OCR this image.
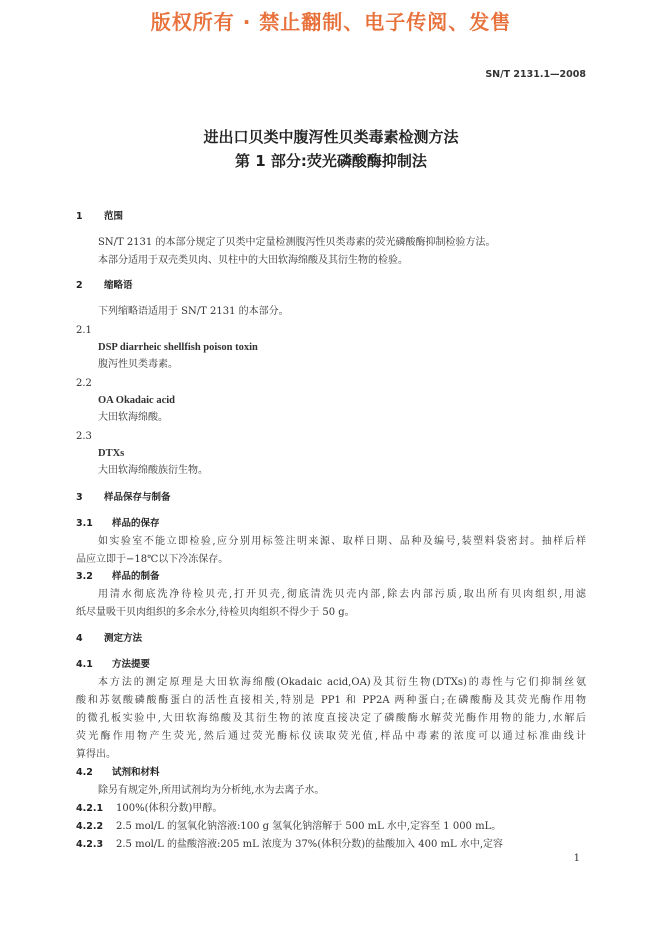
版权所有 · 禁止翻制、电子传阅、发售
SN/T 2131.1—2008
进出口贝类中腹泻性贝类毒素检测方法
第 1 部分:荧光磷酸酶抑制法
1 范围
SN/T 2131 的本部分规定了贝类中定量检测腹泻性贝类毒素的荧光磷酸酶抑制检验方法。
本部分适用于双壳类贝肉、贝柱中的大田软海绵酸及其衍生物的检验。
2 缩略语
下列缩略语适用于 SN/T 2131 的本部分。
2.1
DSP diarrheic shellfish poison toxin
腹泻性贝类毒素。
2.2
OA Okadaic acid
大田软海绵酸。
2.3
DTXs
大田软海绵酸族衍生物。
3 样品保存与制备
3.1 样品的保存
如实验室不能立即检验,应分别用标签注明来源、取样日期、品种及编号,装塑料袋密封。抽样后样
品应立即于−18℃以下冷冻保存。
3.2 样品的制备
用清水彻底洗净待检贝壳,打开贝壳,彻底清洗贝壳内部,除去内部污质,取出所有贝肉组织,用滤
纸尽量吸干贝肉组织的多余水分,待检贝肉组织不得少于 50 g。
4 测定方法
4.1 方法提要
本方法的测定原理是大田软海绵酸(Okadaic acid,OA)及其衍生物(DTXs)的毒性与它们抑制丝氨
酸和苏氨酸磷酸酶蛋白的活性直接相关,特别是 PP1 和 PP2A 两种蛋白;在磷酸酶及其荧光酶作用物
的微孔板实验中,大田软海绵酸及其衍生物的浓度直接决定了磷酸酶水解荧光酶作用物的能力,水解后
荧光酶作用物产生荧光,然后通过荧光酶标仪读取荧光值,样品中毒素的浓度可以通过标准曲线计
算得出。
4.2 试剂和材料
除另有规定外,所用试剂均为分析纯,水为去离子水。
4.2.1 100%(体积分数)甲醇。
4.2.2 2.5 mol/L 的氢氧化钠溶液:100 g 氢氧化钠溶解于 500 mL 水中,定容至 1 000 mL。
4.2.3 2.5 mol/L 的盐酸溶液:205 mL 浓度为 37%(体积分数)的盐酸加入 400 mL 水中,定容
1
